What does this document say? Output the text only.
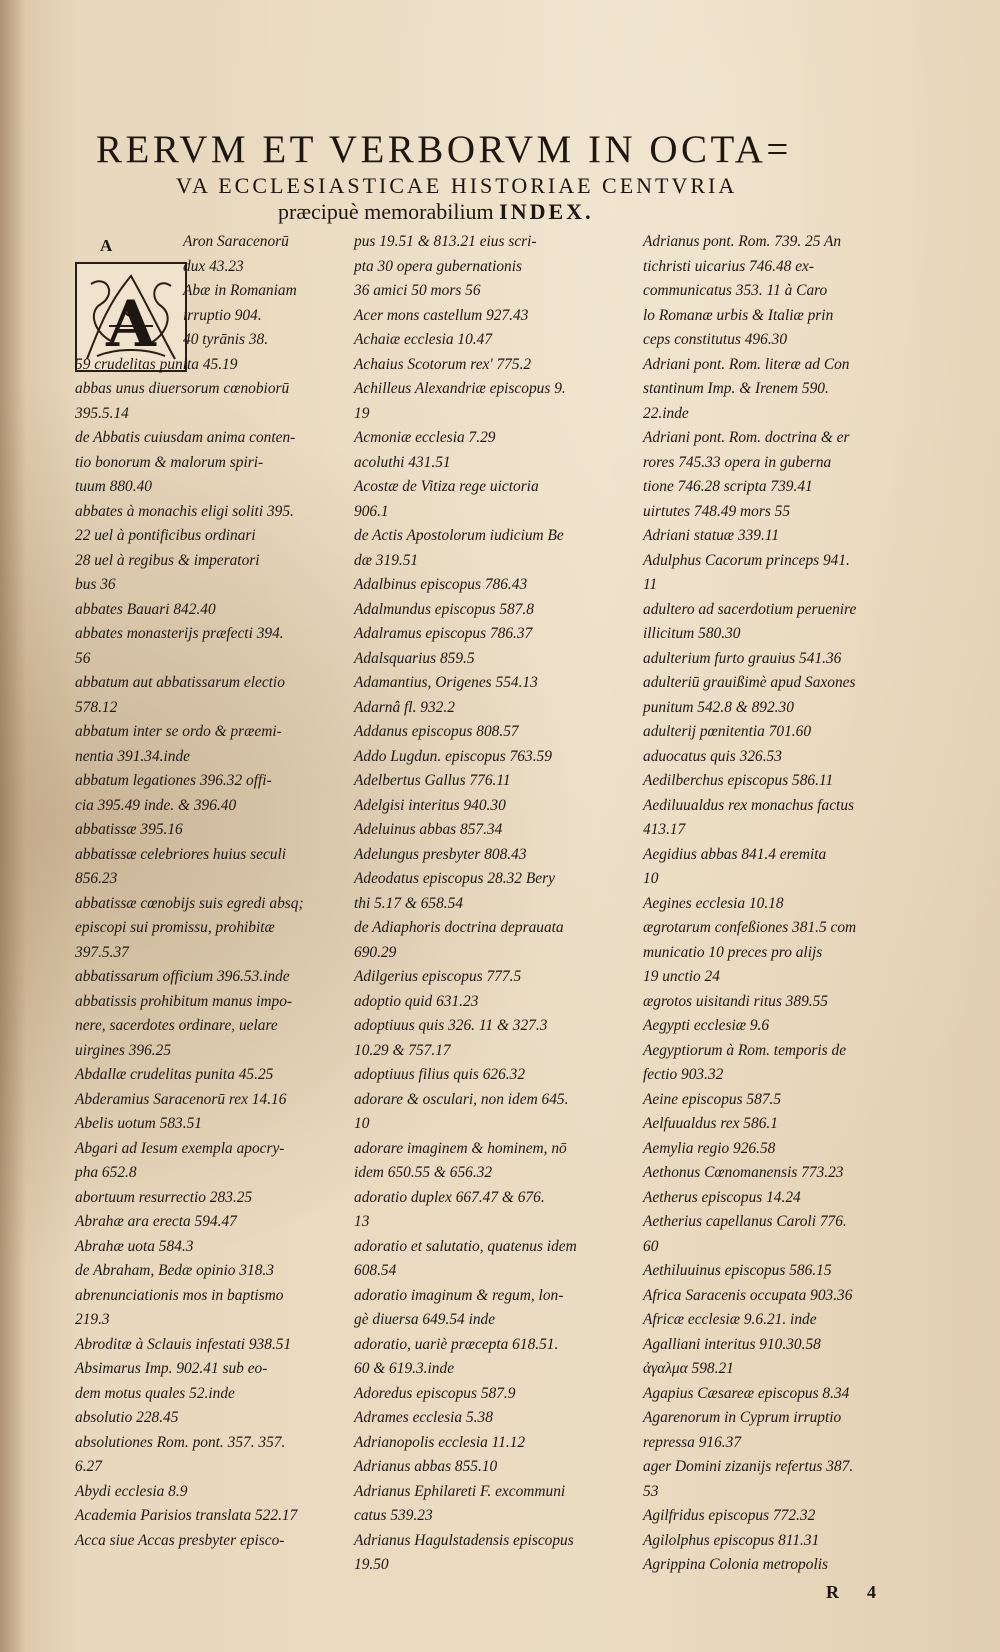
RERVM ET VERBORVM IN OCTA=
VA ECCLESIASTICAE HISTORIAE CENTVRIA
præcipuè memorabilium INDEX.
A
A
Aron Saracenorū
dux 43.23
Abæ in Romaniam
irruptio 904.
40 tyrānis 38.
59 crudelitas punita 45.19
abbas unus diuersorum cœnobiorū
395.5.14
de Abbatis cuiusdam anima conten-
tio bonorum & malorum spiri-
tuum 880.40
abbates à monachis eligi soliti 395.
22 uel à pontificibus ordinari
28 uel à regibus & imperatori
bus 36
abbates Bauari 842.40
abbates monasterijs præfecti 394.
56
abbatum aut abbatissarum electio
578.12
abbatum inter se ordo & præemi-
nentia 391.34.inde
abbatum legationes 396.32 offi-
cia 395.49 inde. & 396.40
abbatissæ 395.16
abbatissæ celebriores huius seculi
856.23
abbatissæ cœnobijs suis egredi absq;
episcopi sui promissu, prohibitæ
397.5.37
abbatissarum officium 396.53.inde
abbatissis prohibitum manus impo-
nere, sacerdotes ordinare, uelare
uirgines 396.25
Abdallæ crudelitas punita 45.25
Abderamius Saracenorū rex 14.16
Abelis uotum 583.51
Abgari ad Iesum exempla apocry-
pha 652.8
abortuum resurrectio 283.25
Abrahæ ara erecta 594.47
Abrahæ uota 584.3
de Abraham, Bedæ opinio 318.3
abrenunciationis mos in baptismo
219.3
Abroditæ à Sclauis infestati 938.51
Absimarus Imp. 902.41 sub eo-
dem motus quales 52.inde
absolutio 228.45
absolutiones Rom. pont. 357. 357.
6.27
Abydi ecclesia 8.9
Academia Parisios translata 522.17
Acca siue Accas presbyter episco-
pus 19.51 & 813.21 eius scri-
pta 30 opera gubernationis
36 amici 50 mors 56
Acer mons castellum 927.43
Achaiæ ecclesia 10.47
Achaius Scotorum rex' 775.2
Achilleus Alexandriæ episcopus 9.
19
Acmoniæ ecclesia 7.29
acoluthi 431.51
Acostæ de Vitiza rege uictoria
906.1
de Actis Apostolorum iudicium Be
dæ 319.51
Adalbinus episcopus 786.43
Adalmundus episcopus 587.8
Adalramus episcopus 786.37
Adalsquarius 859.5
Adamantius, Origenes 554.13
Adarnâ fl. 932.2
Addanus episcopus 808.57
Addo Lugdun. episcopus 763.59
Adelbertus Gallus 776.11
Adelgisi interitus 940.30
Adeluinus abbas 857.34
Adelungus presbyter 808.43
Adeodatus episcopus 28.32 Bery
thi 5.17 & 658.54
de Adiaphoris doctrina deprauata
690.29
Adilgerius episcopus 777.5
adoptio quid 631.23
adoptiuus quis 326. 11 & 327.3
10.29 & 757.17
adoptiuus filius quis 626.32
adorare & osculari, non idem 645.
10
adorare imaginem & hominem, nō
idem 650.55 & 656.32
adoratio duplex 667.47 & 676.
13
adoratio et salutatio, quatenus idem
608.54
adoratio imaginum & regum, lon-
gè diuersa 649.54 inde
adoratio, uariè præcepta 618.51.
60 & 619.3.inde
Adoredus episcopus 587.9
Adrames ecclesia 5.38
Adrianopolis ecclesia 11.12
Adrianus abbas 855.10
Adrianus Ephilareti F. excommuni
catus 539.23
Adrianus Hagulstadensis episcopus
19.50
Adrianus pont. Rom. 739. 25 An
tichristi uicarius 746.48 ex-
communicatus 353. 11 à Caro
lo Romanæ urbis & Italiæ prin
ceps constitutus 496.30
Adriani pont. Rom. literæ ad Con
stantinum Imp. & Irenem 590.
22.inde
Adriani pont. Rom. doctrina & er
rores 745.33 opera in guberna
tione 746.28 scripta 739.41
uirtutes 748.49 mors 55
Adriani statuæ 339.11
Adulphus Cacorum princeps 941.
11
adultero ad sacerdotium peruenire
illicitum 580.30
adulterium furto grauius 541.36
adulteriū grauißimè apud Saxones
punitum 542.8 & 892.30
adulterij pœnitentia 701.60
aduocatus quis 326.53
Aedilberchus episcopus 586.11
Aediluualdus rex monachus factus
413.17
Aegidius abbas 841.4 eremita
10
Aegines ecclesia 10.18
ægrotarum confeßiones 381.5 com
municatio 10 preces pro alijs
19 unctio 24
ægrotos uisitandi ritus 389.55
Aegypti ecclesiæ 9.6
Aegyptiorum à Rom. temporis de
fectio 903.32
Aeine episcopus 587.5
Aelfuualdus rex 586.1
Aemylia regio 926.58
Aethonus Cœnomanensis 773.23
Aetherus episcopus 14.24
Aetherius capellanus Caroli 776.
60
Aethiluuinus episcopus 586.15
Africa Saracenis occupata 903.36
Africæ ecclesiæ 9.6.21. inde
Agalliani interitus 910.30.58
ἀγαλμα 598.21
Agapius Cæsareæ episcopus 8.34
Agarenorum in Cyprum irruptio
repressa 916.37
ager Domini zizanijs refertus 387.
53
Agilfridus episcopus 772.32
Agilolphus episcopus 811.31
Agrippina Colonia metropolis
R4
